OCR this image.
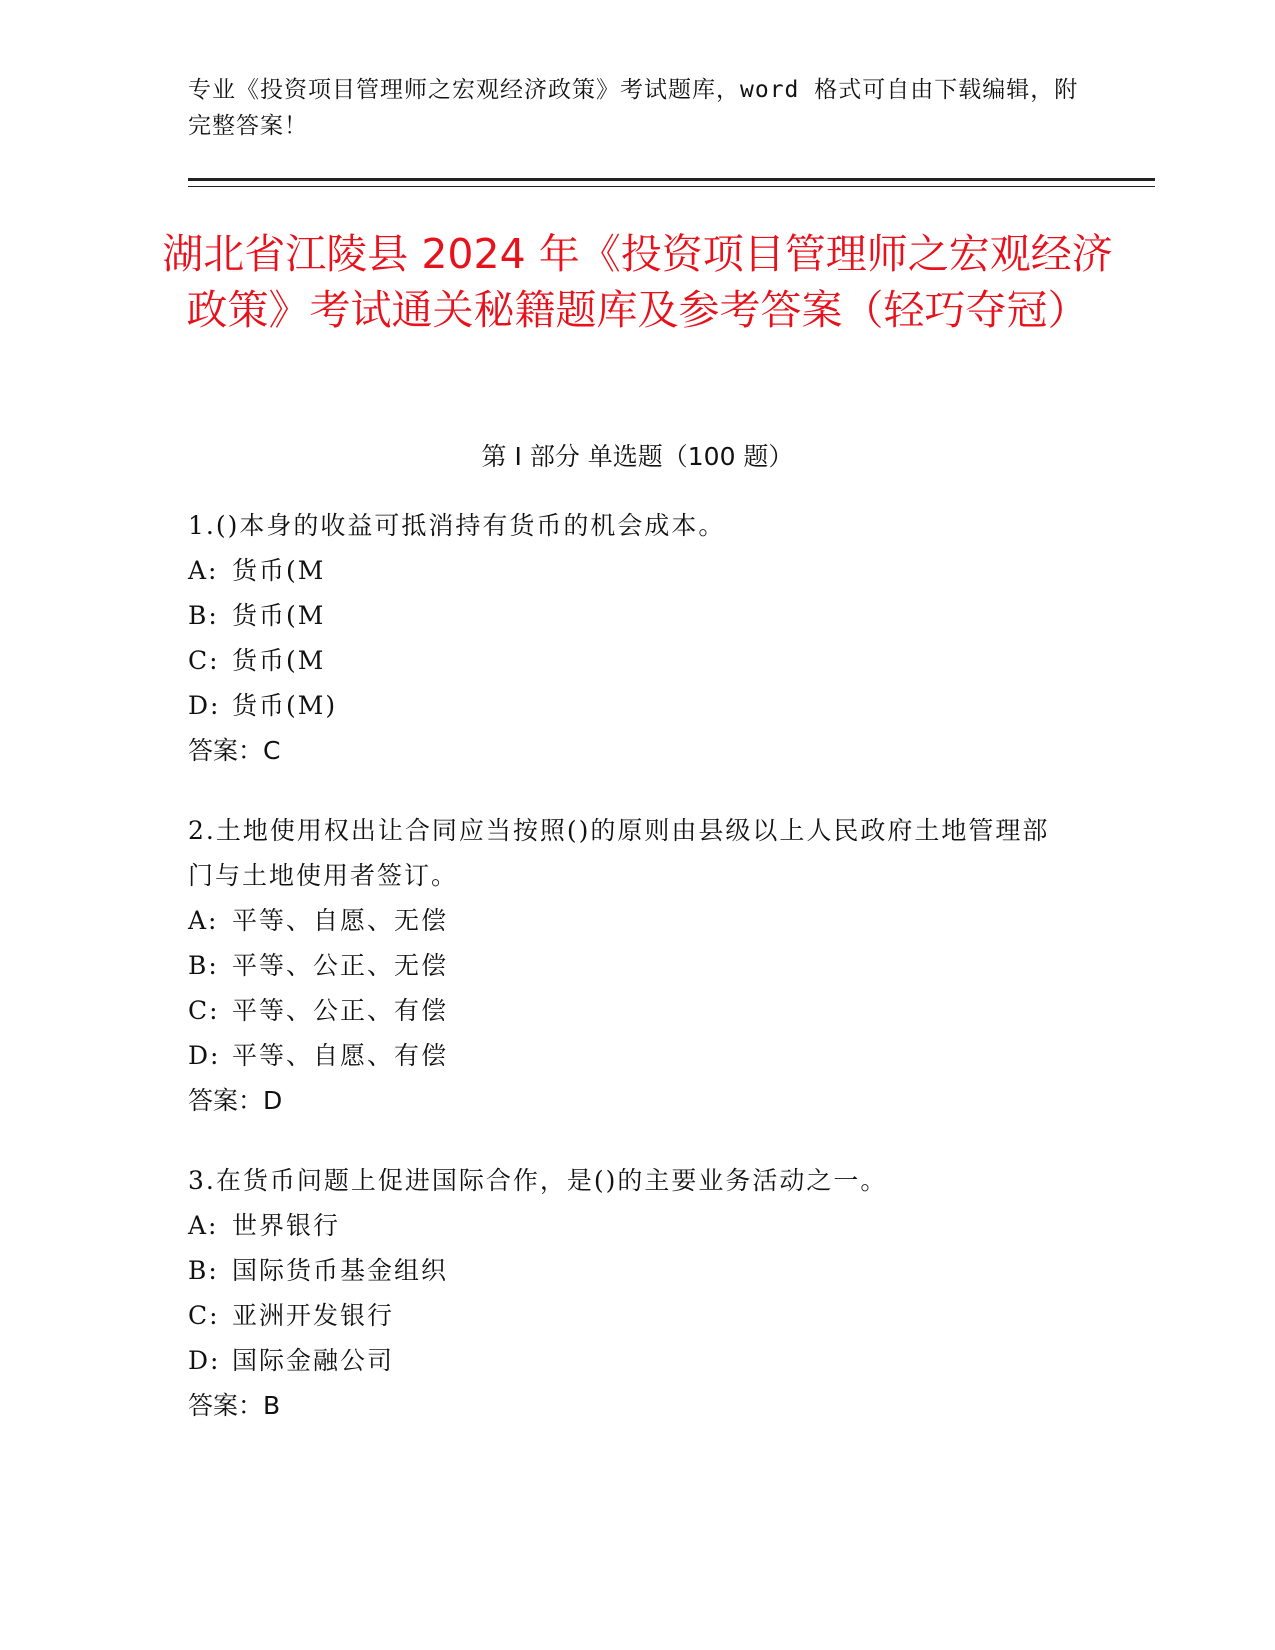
专业《投资项目管理师之宏观经济政策》考试题库，word 格式可自由下载编辑，附完整答案！
湖北省江陵县 2024 年《投资项目管理师之宏观经济政策》考试通关秘籍题库及参考答案（轻巧夺冠）
第 I 部分 单选题（100 题）

1.()本身的收益可抵消持有货币的机会成本。

A: 货币(M

B: 货币(M

C: 货币(M

D: 货币(M)

答案：C

2.土地使用权出让合同应当按照()的原则由县级以上人民政府土地管理部门与土地使用者签订。

A: 平等、自愿、无偿

B: 平等、公正、无偿

C: 平等、公正、有偿

D: 平等、自愿、有偿

答案：D

3.在货币问题上促进国际合作，是()的主要业务活动之一。

A: 世界银行

B: 国际货币基金组织

C: 亚洲开发银行

D: 国际金融公司

答案：B
